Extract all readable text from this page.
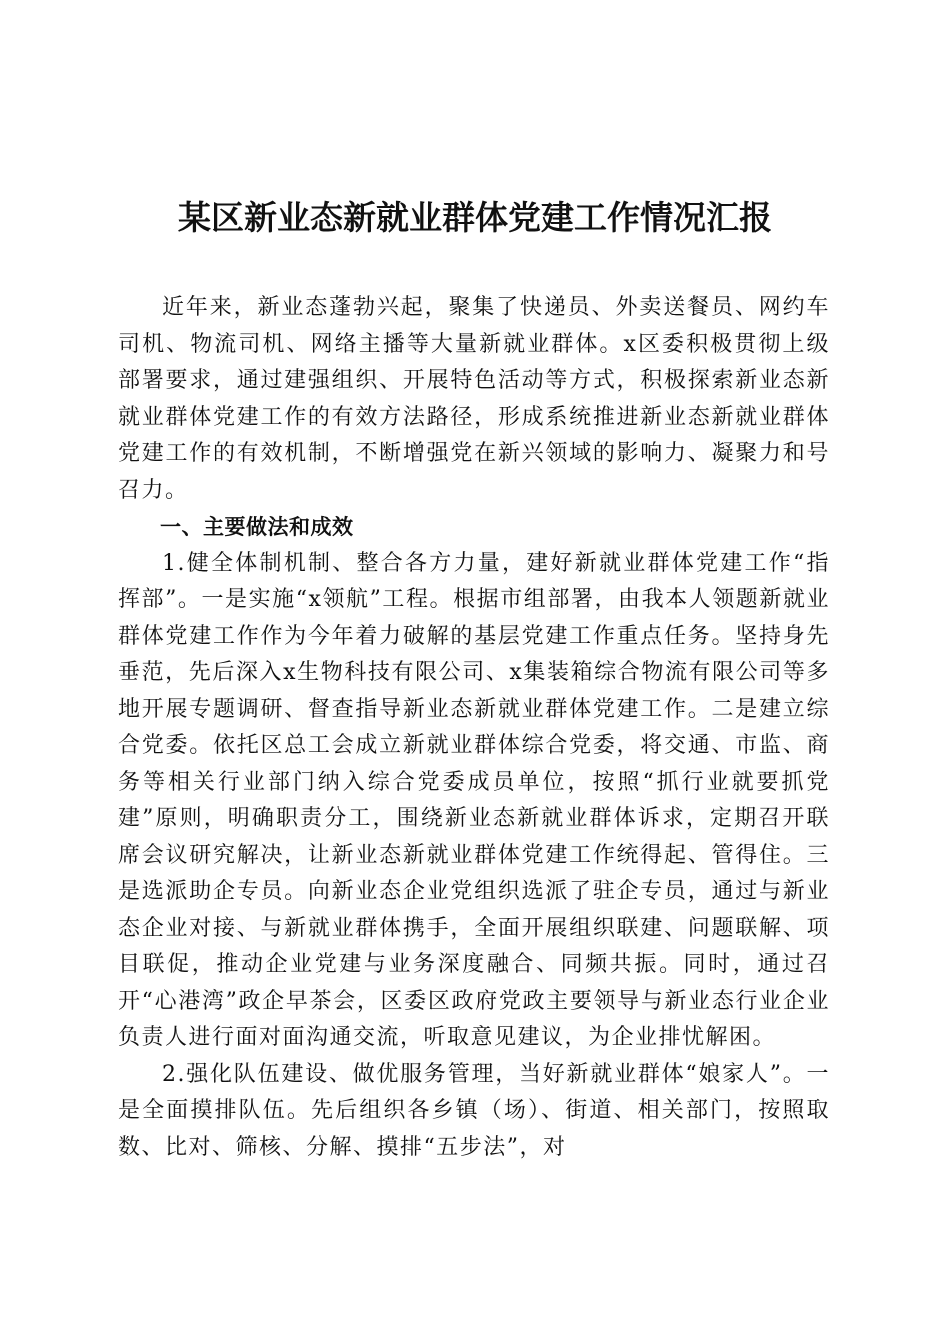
某区新业态新就业群体党建工作情况汇报

近年来，新业态蓬勃兴起，聚集了快递员、外卖送餐员、网约车司机、物流司机、网络主播等大量新就业群体。x区委积极贯彻上级部署要求，通过建强组织、开展特色活动等方式，积极探索新业态新就业群体党建工作的有效方法路径，形成系统推进新业态新就业群体党建工作的有效机制，不断增强党在新兴领域的影响力、凝聚力和号召力。

一、主要做法和成效

1.健全体制机制、整合各方力量，建好新就业群体党建工作“指挥部”。一是实施“x领航”工程。根据市组部署，由我本人领题新就业群体党建工作作为今年着力破解的基层党建工作重点任务。坚持身先垂范，先后深入x生物科技有限公司、x集装箱综合物流有限公司等多地开展专题调研、督查指导新业态新就业群体党建工作。二是建立综合党委。依托区总工会成立新就业群体综合党委，将交通、市监、商务等相关行业部门纳入综合党委成员单位，按照“抓行业就要抓党建”原则，明确职责分工，围绕新业态新就业群体诉求，定期召开联席会议研究解决，让新业态新就业群体党建工作统得起、管得住。三是选派助企专员。向新业态企业党组织选派了驻企专员，通过与新业态企业对接、与新就业群体携手，全面开展组织联建、问题联解、项目联促，推动企业党建与业务深度融合、同频共振。同时，通过召开“心港湾”政企早茶会，区委区政府党政主要领导与新业态行业企业负责人进行面对面沟通交流，听取意见建议，为企业排忧解困。

2.强化队伍建设、做优服务管理，当好新就业群体“娘家人”。一是全面摸排队伍。先后组织各乡镇（场）、街道、相关部门，按照取数、比对、筛核、分解、摸排“五步法”，对
